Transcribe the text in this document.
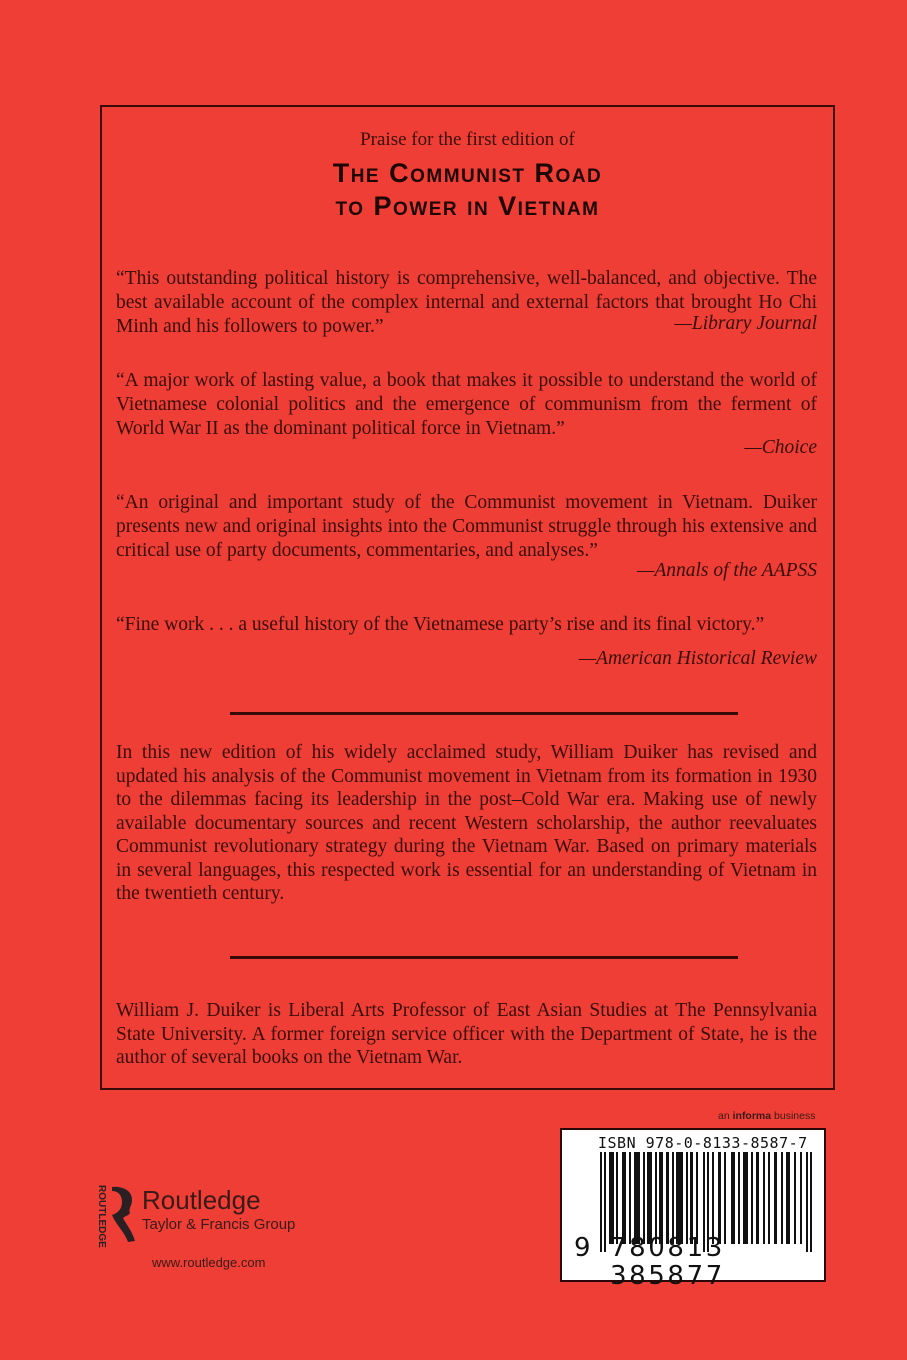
Praise for the first edition of
The Communist Road
to Power in Vietnam
“This outstanding political history is comprehensive, well-balanced, and objective. The best available account of the complex internal and external factors that brought Ho Chi Minh and his followers to power.”	—Library Journal
“A major work of lasting value, a book that makes it possible to understand the world of Vietnamese colonial politics and the emergence of communism from the ferment of World War II as the dominant political force in Vietnam.”
—Choice
“An original and important study of the Communist movement in Vietnam. Duiker presents new and original insights into the Communist struggle through his extensive and critical use of party documents, commentaries, and analyses.”
—Annals of the AAPSS
“Fine work . . . a useful history of the Vietnamese party’s rise and its final victory.”
—American Historical Review
In this new edition of his widely acclaimed study, William Duiker has revised and updated his analysis of the Communist movement in Vietnam from its formation in 1930 to the dilemmas facing its leadership in the post–Cold War era. Making use of newly available documentary sources and recent Western scholarship, the author reevaluates Communist revolutionary strategy during the Vietnam War. Based on primary materials in several languages, this respected work is essential for an understanding of Vietnam in the twentieth century.
William J. Duiker is Liberal Arts Professor of East Asian Studies at The Pennsylvania State University. A former foreign service officer with the Department of State, he is the author of several books on the Vietnam War.
ROUTLEDGE Routledge
Taylor & Francis Group
www.routledge.com
an informa business
ISBN 978-0-8133-8587-7
9 780813 385877
